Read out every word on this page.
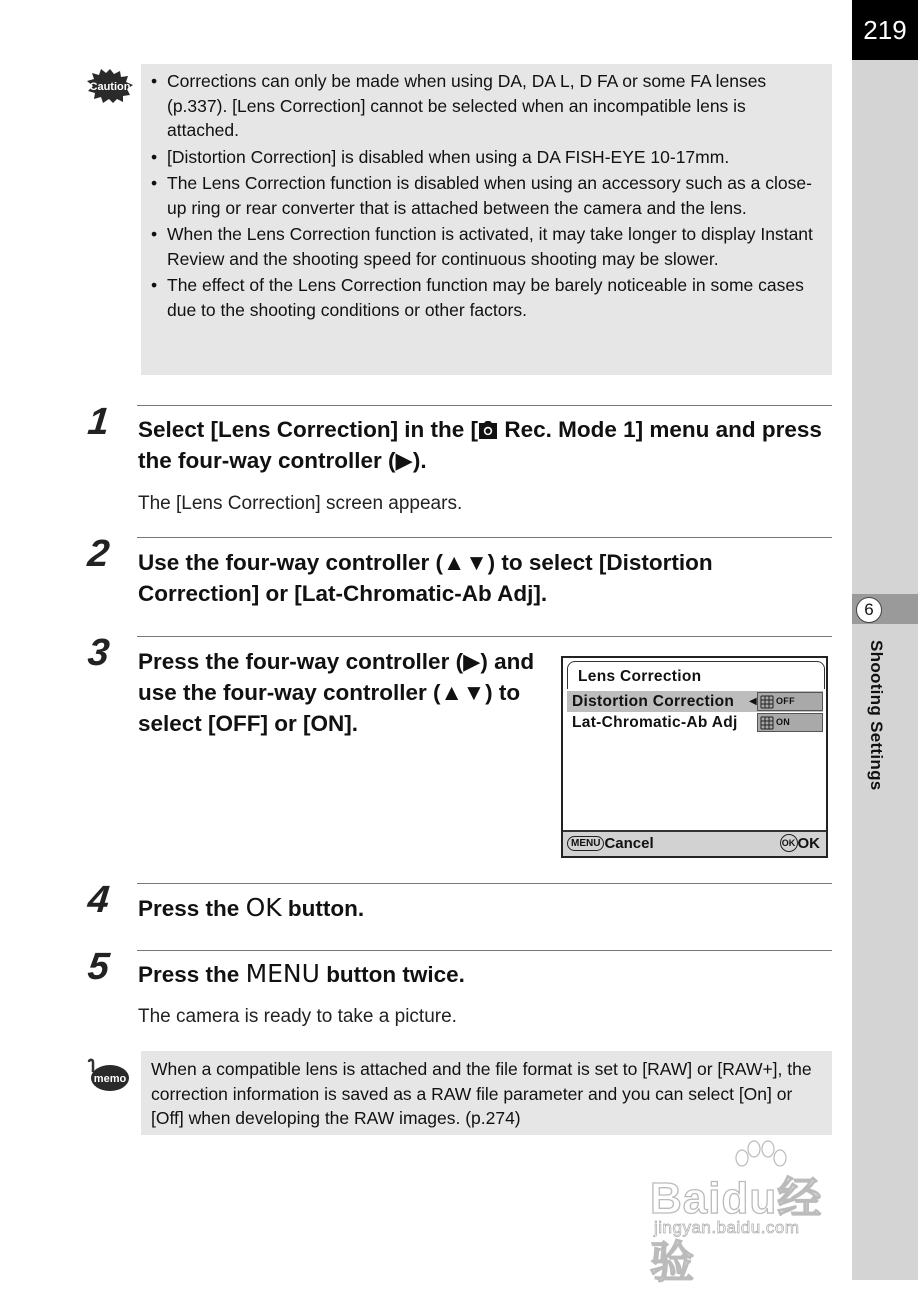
219
6
Shooting Settings
Caution
• Corrections can only be made when using DA, DA L, D FA or some FA lenses (p.337). [Lens Correction] cannot be selected when an incompatible lens is attached.
• [Distortion Correction] is disabled when using a DA FISH-EYE 10-17mm.
• The Lens Correction function is disabled when using an accessory such as a close-up ring or rear converter that is attached between the camera and the lens.
• When the Lens Correction function is activated, it may take longer to display Instant Review and the shooting speed for continuous shooting may be slower.
• The effect of the Lens Correction function may be barely noticeable in some cases due to the shooting conditions or other factors.
1 Select [Lens Correction] in the [ Rec. Mode 1] menu and press the four-way controller (▶).
The [Lens Correction] screen appears.
2 Use the four-way controller (▲▼) to select [Distortion Correction] or [Lat-Chromatic-Ab Adj].
3 Press the four-way controller (▶) and use the four-way controller (▲▼) to select [OFF] or [ON].
Lens Correction
Distortion Correction ◀	OFF
Lat-Chromatic-Ab Adj	ON
MENU Cancel	OK OK
4 Press the OK button.
5 Press the MENU button twice.
The camera is ready to take a picture.
memo	When a compatible lens is attached and the file format is set to [RAW] or [RAW+], the correction information is saved as a RAW file parameter and you can select [On] or [Off] when developing the RAW images. (p.274)

Baidu经验
jingyan.baidu.com
